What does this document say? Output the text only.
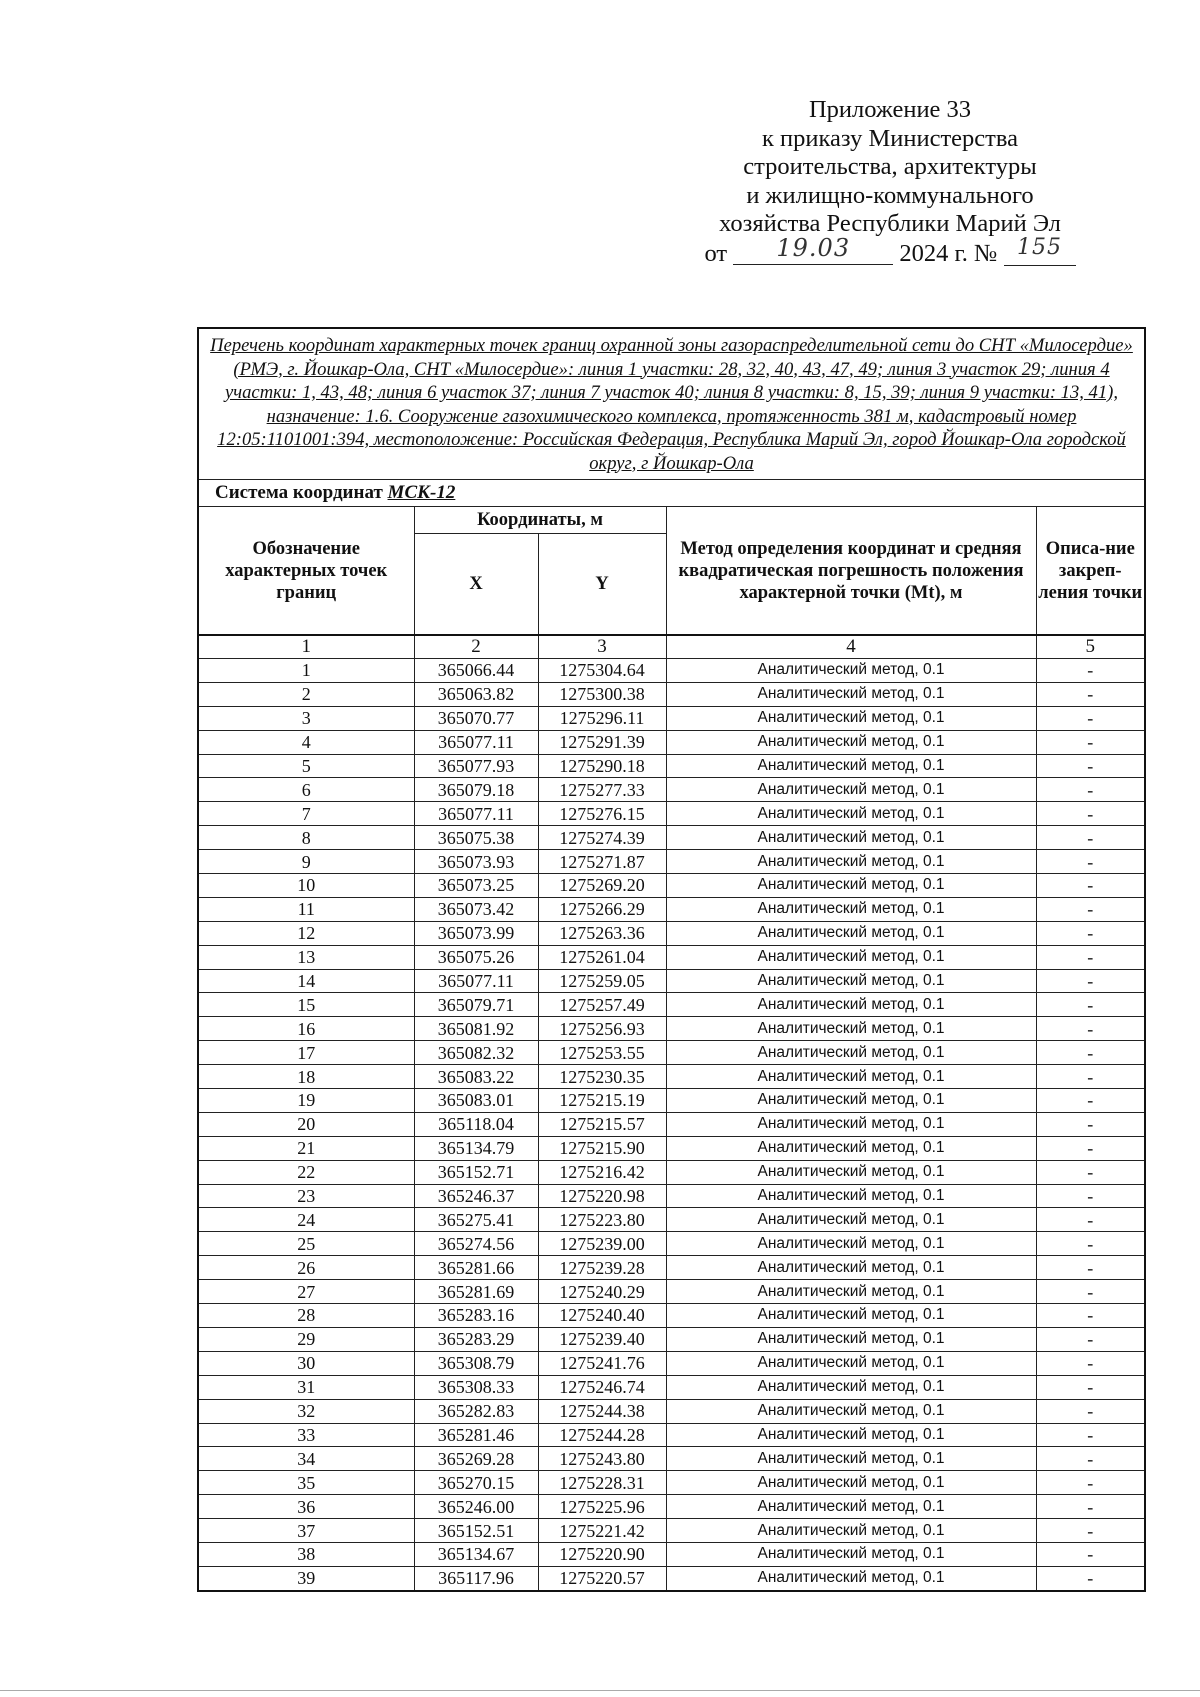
Приложение 33
к приказу Министерства
строительства, архитектуры
и жилищно-коммунального
хозяйства Республики Марий Эл
от 19.03 2024 г. № 155
Перечень координат характерных точек границ охранной зоны газораспределительной сети до СНТ «Милосердие» (РМЭ, г. Йошкар-Ола, СНТ «Милосердие»: линия 1 участки: 28, 32, 40, 43, 47, 49; линия 3 участок 29; линия 4 участки: 1, 43, 48; линия 6 участок 37; линия 7 участок 40; линия 8 участки: 8, 15, 39; линия 9 участки: 13, 41), назначение: 1.6. Сооружение газохимического комплекса, протяженность 381 м, кадастровый номер 12:05:1101001:394, местоположение: Российская Федерация, Республика Марий Эл, город Йошкар-Ола городской округ, г Йошкар-Ола				
Система координат МСК-12				
Обозначение характерных точек границ	Координаты, м		Метод определения координат и средняя квадратическая погрешность положения характерной точки (Mt), м	Описа-ние закреп-ления точки
	X	Y		
1	2	3	4	5
1	365066.44	1275304.64	Аналитический метод, 0.1	-
2	365063.82	1275300.38	Аналитический метод, 0.1	-
3	365070.77	1275296.11	Аналитический метод, 0.1	-
4	365077.11	1275291.39	Аналитический метод, 0.1	-
5	365077.93	1275290.18	Аналитический метод, 0.1	-
6	365079.18	1275277.33	Аналитический метод, 0.1	-
7	365077.11	1275276.15	Аналитический метод, 0.1	-
8	365075.38	1275274.39	Аналитический метод, 0.1	-
9	365073.93	1275271.87	Аналитический метод, 0.1	-
10	365073.25	1275269.20	Аналитический метод, 0.1	-
11	365073.42	1275266.29	Аналитический метод, 0.1	-
12	365073.99	1275263.36	Аналитический метод, 0.1	-
13	365075.26	1275261.04	Аналитический метод, 0.1	-
14	365077.11	1275259.05	Аналитический метод, 0.1	-
15	365079.71	1275257.49	Аналитический метод, 0.1	-
16	365081.92	1275256.93	Аналитический метод, 0.1	-
17	365082.32	1275253.55	Аналитический метод, 0.1	-
18	365083.22	1275230.35	Аналитический метод, 0.1	-
19	365083.01	1275215.19	Аналитический метод, 0.1	-
20	365118.04	1275215.57	Аналитический метод, 0.1	-
21	365134.79	1275215.90	Аналитический метод, 0.1	-
22	365152.71	1275216.42	Аналитический метод, 0.1	-
23	365246.37	1275220.98	Аналитический метод, 0.1	-
24	365275.41	1275223.80	Аналитический метод, 0.1	-
25	365274.56	1275239.00	Аналитический метод, 0.1	-
26	365281.66	1275239.28	Аналитический метод, 0.1	-
27	365281.69	1275240.29	Аналитический метод, 0.1	-
28	365283.16	1275240.40	Аналитический метод, 0.1	-
29	365283.29	1275239.40	Аналитический метод, 0.1	-
30	365308.79	1275241.76	Аналитический метод, 0.1	-
31	365308.33	1275246.74	Аналитический метод, 0.1	-
32	365282.83	1275244.38	Аналитический метод, 0.1	-
33	365281.46	1275244.28	Аналитический метод, 0.1	-
34	365269.28	1275243.80	Аналитический метод, 0.1	-
35	365270.15	1275228.31	Аналитический метод, 0.1	-
36	365246.00	1275225.96	Аналитический метод, 0.1	-
37	365152.51	1275221.42	Аналитический метод, 0.1	-
38	365134.67	1275220.90	Аналитический метод, 0.1	-
39	365117.96	1275220.57	Аналитический метод, 0.1	-
